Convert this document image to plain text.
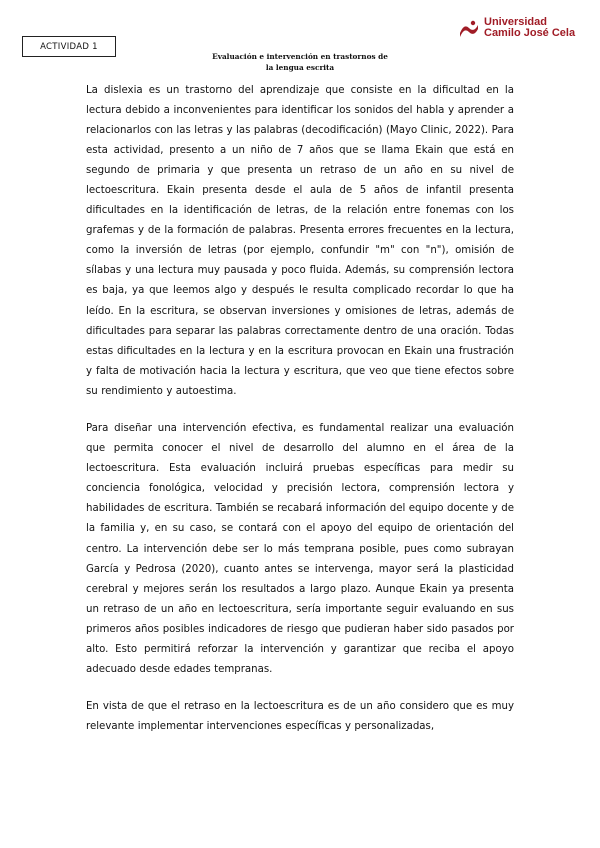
ACTIVIDAD 1
Universidad
Camilo José Cela
Evaluación e intervención en trastornos de
la lengua escrita

La dislexia es un trastorno del aprendizaje que consiste en la dificultad en la lectura debido a inconvenientes para identificar los sonidos del habla y aprender a relacionarlos con las letras y las palabras (decodificación) (Mayo Clinic, 2022). Para esta actividad, presento a un niño de 7 años que se llama Ekain que está en segundo de primaria y que presenta un retraso de un año en su nivel de lectoescritura. Ekain presenta desde el aula de 5 años de infantil presenta dificultades en la identificación de letras, de la relación entre fonemas con los grafemas y de la formación de palabras. Presenta errores frecuentes en la lectura, como la inversión de letras (por ejemplo, confundir "m" con "n"), omisión de sílabas y una lectura muy pausada y poco fluida. Además, su comprensión lectora es baja, ya que leemos algo y después le resulta complicado recordar lo que ha leído. En la escritura, se observan inversiones y omisiones de letras, además de dificultades para separar las palabras correctamente dentro de una oración. Todas estas dificultades en la lectura y en la escritura provocan en Ekain una frustración y falta de motivación hacia la lectura y escritura, que veo que tiene efectos sobre su rendimiento y autoestima.

Para diseñar una intervención efectiva, es fundamental realizar una evaluación que permita conocer el nivel de desarrollo del alumno en el área de la lectoescritura. Esta evaluación incluirá pruebas específicas para medir su conciencia fonológica, velocidad y precisión lectora, comprensión lectora y habilidades de escritura. También se recabará información del equipo docente y de la familia y, en su caso, se contará con el apoyo del equipo de orientación del centro. La intervención debe ser lo más temprana posible, pues como subrayan García y Pedrosa (2020), cuanto antes se intervenga, mayor será la plasticidad cerebral y mejores serán los resultados a largo plazo. Aunque Ekain ya presenta un retraso de un año en lectoescritura, sería importante seguir evaluando en sus primeros años posibles indicadores de riesgo que pudieran haber sido pasados por alto. Esto permitirá reforzar la intervención y garantizar que reciba el apoyo adecuado desde edades tempranas.

En vista de que el retraso en la lectoescritura es de un año considero que es muy relevante implementar intervenciones específicas y personalizadas,
